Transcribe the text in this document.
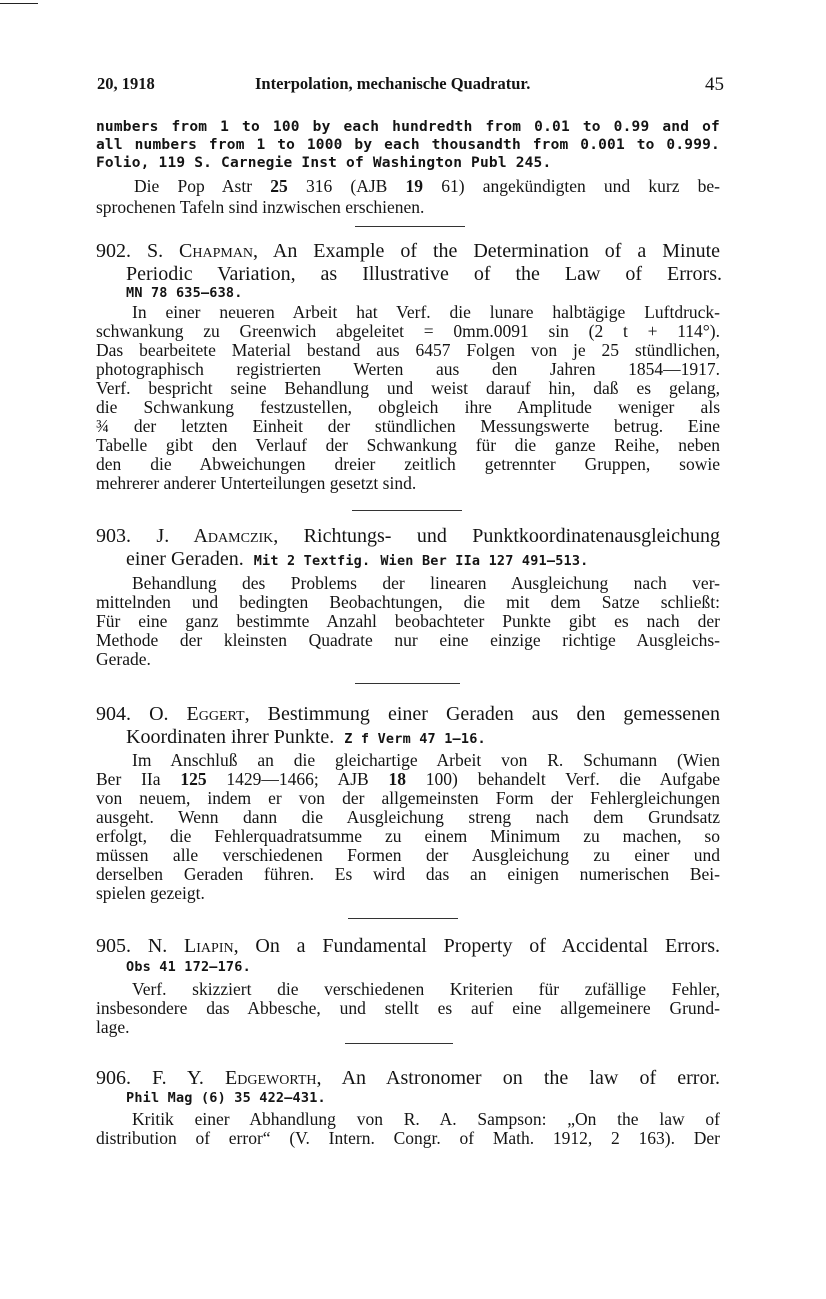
20, 1918	Interpolation, mechanische Quadratur.	45
numbers from 1 to 100 by each hundredth from 0.01 to 0.99 and of
all numbers from 1 to 1000 by each thousandth from 0.001 to 0.999.
Folio, 119 S. Carnegie Inst of Washington Publ 245.
Die Pop Astr 25 316 (AJB 19 61) angekündigten und kurz be-
sprochenen Tafeln sind inzwischen erschienen.
902. S. Chapman, An Example of the Determination of a Minute
Periodic Variation, as Illustrative of the Law of Errors.
MN 78 635—638.
In einer neueren Arbeit hat Verf. die lunare halbtägige Luftdruck-
schwankung zu Greenwich abgeleitet = 0mm.0091 sin (2 t + 114°).
Das bearbeitete Material bestand aus 6457 Folgen von je 25 stündlichen,
photographisch registrierten Werten aus den Jahren 1854—1917.
Verf. bespricht seine Behandlung und weist darauf hin, daß es gelang,
die Schwankung festzustellen, obgleich ihre Amplitude weniger als
¾ der letzten Einheit der stündlichen Messungswerte betrug. Eine
Tabelle gibt den Verlauf der Schwankung für die ganze Reihe, neben
den die Abweichungen dreier zeitlich getrennter Gruppen, sowie
mehrerer anderer Unterteilungen gesetzt sind.
903. J. Adamczik, Richtungs- und Punktkoordinatenausgleichung
einer Geraden. Mit 2 Textfig. Wien Ber IIa 127 491—513.
Behandlung des Problems der linearen Ausgleichung nach ver-
mittelnden und bedingten Beobachtungen, die mit dem Satze schließt:
Für eine ganz bestimmte Anzahl beobachteter Punkte gibt es nach der
Methode der kleinsten Quadrate nur eine einzige richtige Ausgleichs-
Gerade.
904. O. Eggert, Bestimmung einer Geraden aus den gemessenen
Koordinaten ihrer Punkte. Z f Verm 47 1—16.
Im Anschluß an die gleichartige Arbeit von R. Schumann (Wien
Ber IIa 125 1429—1466; AJB 18 100) behandelt Verf. die Aufgabe
von neuem, indem er von der allgemeinsten Form der Fehlergleichungen
ausgeht. Wenn dann die Ausgleichung streng nach dem Grundsatz
erfolgt, die Fehlerquadratsumme zu einem Minimum zu machen, so
müssen alle verschiedenen Formen der Ausgleichung zu einer und
derselben Geraden führen. Es wird das an einigen numerischen Bei-
spielen gezeigt.
905. N. Liapin, On a Fundamental Property of Accidental Errors.
Obs 41 172—176.
Verf. skizziert die verschiedenen Kriterien für zufällige Fehler,
insbesondere das Abbesche, und stellt es auf eine allgemeinere Grund-
lage.
906. F. Y. Edgeworth, An Astronomer on the law of error.
Phil Mag (6) 35 422—431.
Kritik einer Abhandlung von R. A. Sampson: „On the law of
distribution of error“ (V. Intern. Congr. of Math. 1912, 2 163). Der
